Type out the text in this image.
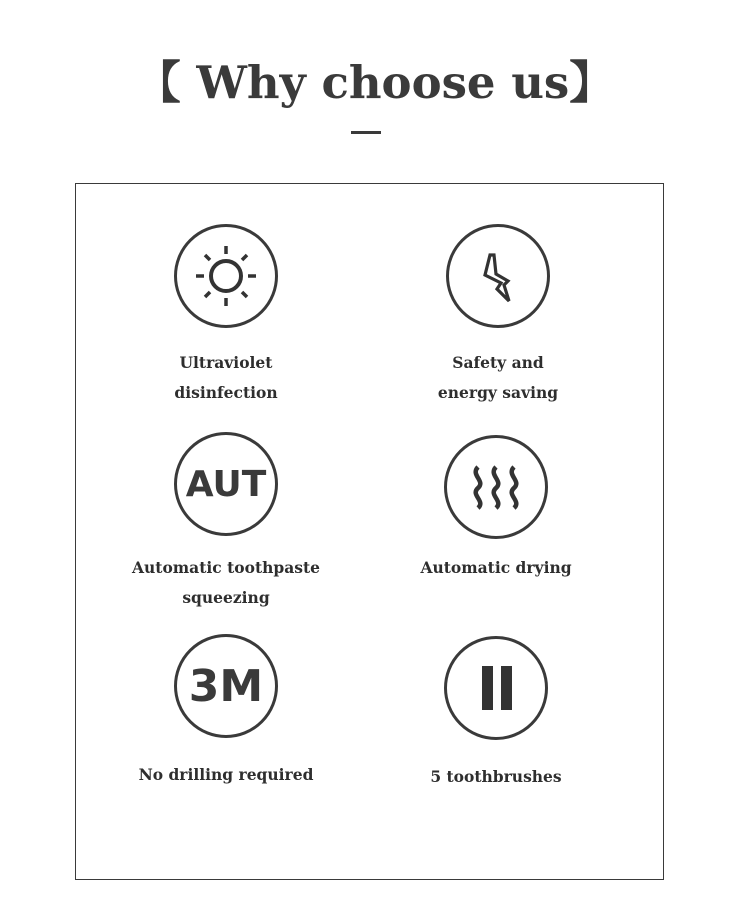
【 Why choose us】
Ultraviolet
disinfection
Safety and
energy saving
AUT
Automatic toothpaste
squeezing
Automatic drying
3M
No drilling required	5 toothbrushes
